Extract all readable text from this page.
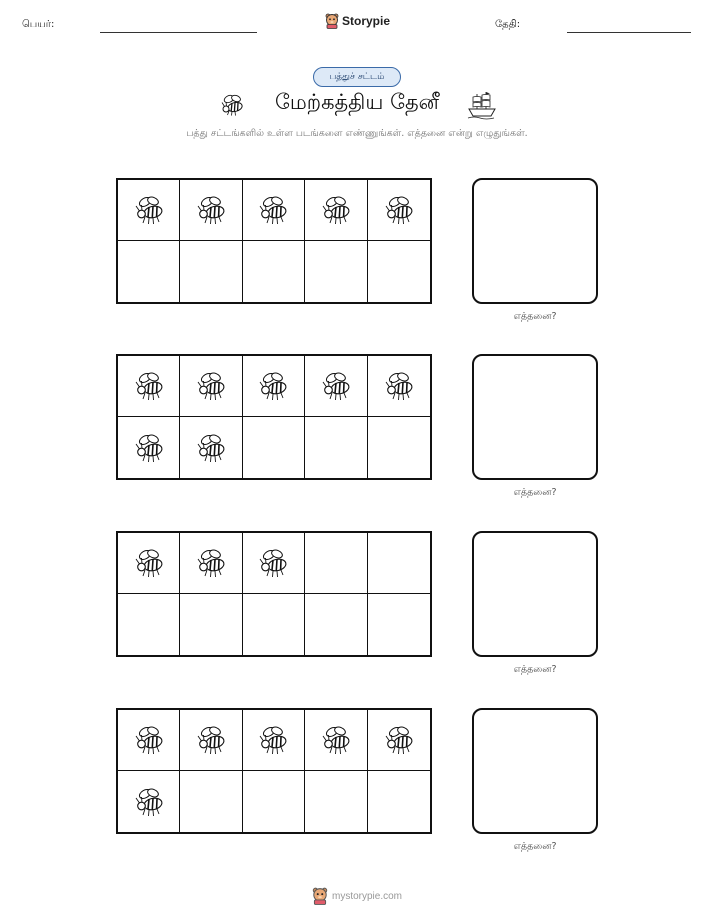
பெயர்:	Storypie	தேதி:
பத்துச் சட்டம்
மேற்கத்திய தேனீ
பத்து சட்டங்களில் உள்ள படங்களை எண்ணுங்கள். எத்தனை என்று எழுதுங்கள்.
எத்தனை?
எத்தனை?
எத்தனை?
எத்தனை?
mystorypie.com
